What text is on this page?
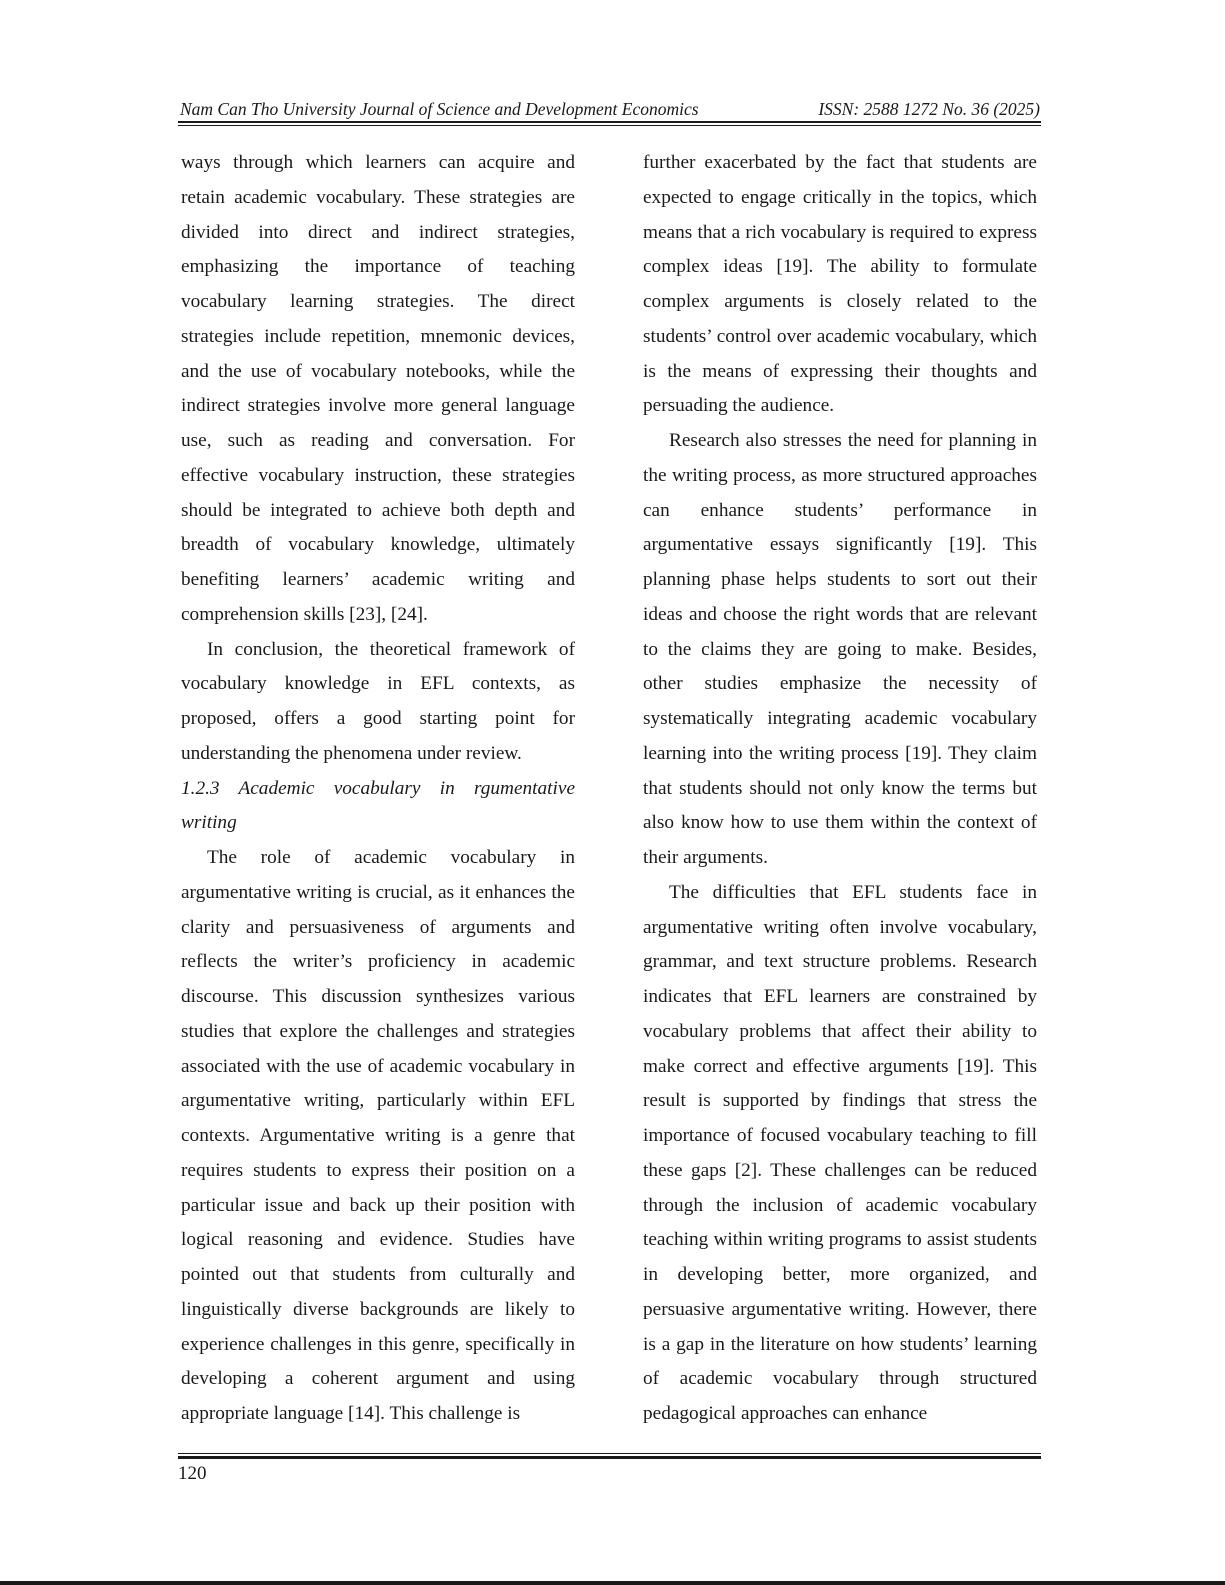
Nam Can Tho University Journal of Science and Development Economics	ISSN: 2588 1272 No. 36 (2025)

ways through which learners can acquire and retain academic vocabulary. These strategies are divided into direct and indirect strategies, emphasizing the importance of teaching vocabulary learning strategies. The direct strategies include repetition, mnemonic devices, and the use of vocabulary notebooks, while the indirect strategies involve more general language use, such as reading and conversation. For effective vocabulary instruction, these strategies should be integrated to achieve both depth and breadth of vocabulary knowledge, ultimately benefiting learners’ academic writing and comprehension skills [23], [24].

In conclusion, the theoretical framework of vocabulary knowledge in EFL contexts, as proposed, offers a good starting point for understanding the phenomena under review.

1.2.3 Academic vocabulary in rgumentative writing

The role of academic vocabulary in argumentative writing is crucial, as it enhances the clarity and persuasiveness of arguments and reflects the writer’s proficiency in academic discourse. This discussion synthesizes various studies that explore the challenges and strategies associated with the use of academic vocabulary in argumentative writing, particularly within EFL contexts. Argumentative writing is a genre that requires students to express their position on a particular issue and back up their position with logical reasoning and evidence. Studies have pointed out that students from culturally and linguistically diverse backgrounds are likely to experience challenges in this genre, specifically in developing a coherent argument and using appropriate language [14]. This challenge is

further exacerbated by the fact that students are expected to engage critically in the topics, which means that a rich vocabulary is required to express complex ideas [19]. The ability to formulate complex arguments is closely related to the students’ control over academic vocabulary, which is the means of expressing their thoughts and persuading the audience.

Research also stresses the need for planning in the writing process, as more structured approaches can enhance students’ performance in argumentative essays significantly [19]. This planning phase helps students to sort out their ideas and choose the right words that are relevant to the claims they are going to make. Besides, other studies emphasize the necessity of systematically integrating academic vocabulary learning into the writing process [19]. They claim that students should not only know the terms but also know how to use them within the context of their arguments.

The difficulties that EFL students face in argumentative writing often involve vocabulary, grammar, and text structure problems. Research indicates that EFL learners are constrained by vocabulary problems that affect their ability to make correct and effective arguments [19]. This result is supported by findings that stress the importance of focused vocabulary teaching to fill these gaps [2]. These challenges can be reduced through the inclusion of academic vocabulary teaching within writing programs to assist students in developing better, more organized, and persuasive argumentative writing. However, there is a gap in the literature on how students’ learning of academic vocabulary through structured pedagogical approaches can enhance

120
